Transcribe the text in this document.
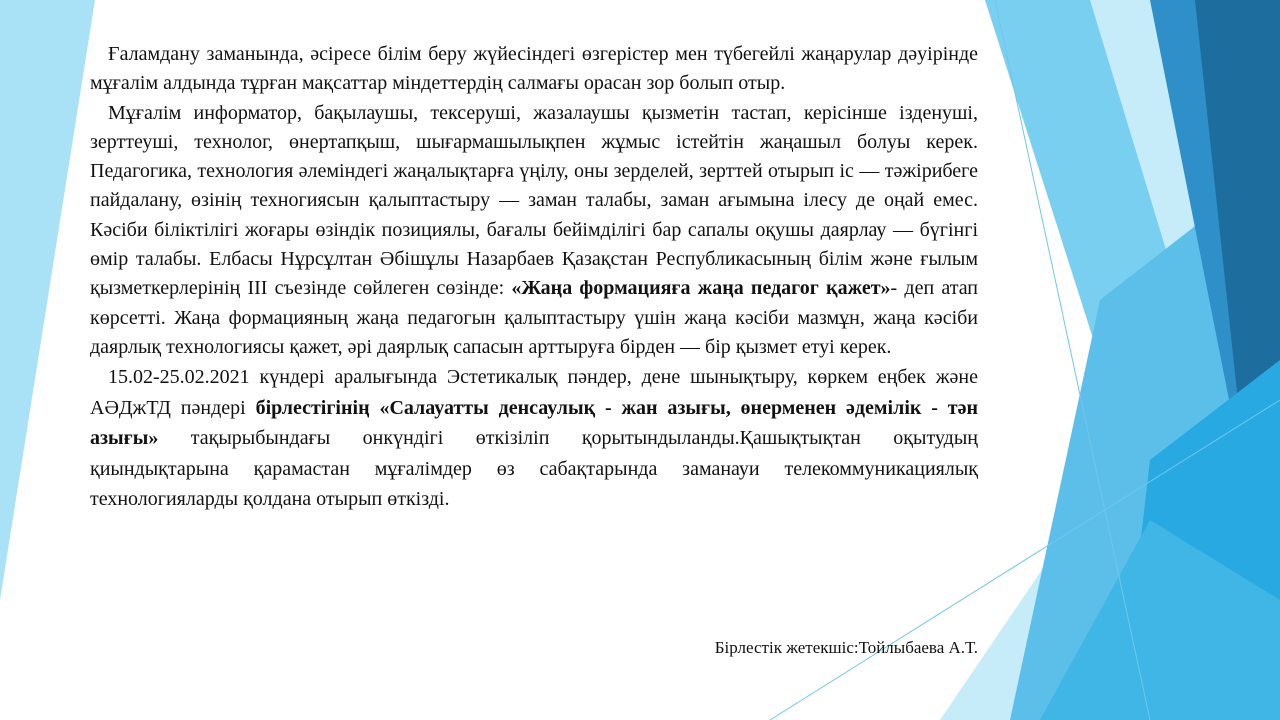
Ғаламдану заманында, әсіресе білім беру жүйесіндегі өзгерістер мен түбегейлі жаңарулар дәуірінде мұғалім алдында тұрған мақсаттар міндеттердің салмағы орасан зор болып отыр.

Мұғалім информатор, бақылаушы, тексеруші, жазалаушы қызметін тастап, керісінше ізденуші, зерттеуші, технолог, өнертапқыш, шығармашылықпен жұмыс істейтін жаңашыл болуы керек. Педагогика, технология әлеміндегі жаңалықтарға үңілу, оны зерделей, зерттей отырып іс — тәжірибеге пайдалану, өзінің техногиясын қалыптастыру — заман талабы, заман ағымына ілесу де оңай емес. Кәсіби біліктілігі жоғары өзіндік позициялы, бағалы бейімділігі бар сапалы оқушы даярлау — бүгінгі өмір талабы. Елбасы Нұрсұлтан Әбішұлы Назарбаев Қазақстан Республикасының білім және ғылым қызметкерлерінің ІІІ съезінде сөйлеген сөзінде: «Жаңа формацияға жаңа педагог қажет»- деп атап көрсетті. Жаңа формацияның жаңа педагогын қалыптастыру үшін жаңа кәсіби мазмұн, жаңа кәсіби даярлық технологиясы қажет, әрі даярлық сапасын арттыруға бірден — бір қызмет етуі керек.

15.02-25.02.2021 күндері аралығында Эстетикалық пәндер, дене шынықтыру, көркем еңбек және АӘДжТД пәндері бірлестігінің «Салауатты денсаулық - жан азығы, өнерменен әдемілік - тән азығы» тақырыбындағы онкүндігі өткізіліп қорытындыланды.Қашықтықтан оқытудың қиындықтарына қарамастан мұғалімдер өз сабақтарында заманауи телекоммуникациялық технологияларды қолдана отырып өткізді.

Бірлестік жетекшіс:Тойлыбаева А.Т.
